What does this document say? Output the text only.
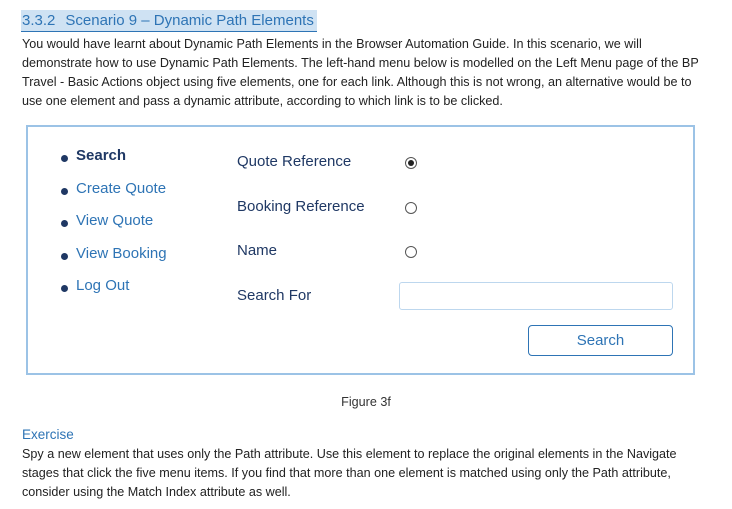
3.3.2 Scenario 9 – Dynamic Path Elements

You would have learnt about Dynamic Path Elements in the Browser Automation Guide. In this scenario, we will demonstrate how to use Dynamic Path Elements. The left-hand menu below is modelled on the Left Menu page of the BP Travel - Basic Actions object using five elements, one for each link. Although this is not wrong, an alternative would be to use one element and pass a dynamic attribute, according to which link is to be clicked.

Search
Create Quote
View Quote
View Booking
Log Out
Quote Reference
Booking Reference
Name
Search For
Search
Figure 3f
Exercise

Spy a new element that uses only the Path attribute. Use this element to replace the original elements in the Navigate stages that click the five menu items. If you find that more than one element is matched using only the Path attribute, consider using the Match Index attribute as well.
